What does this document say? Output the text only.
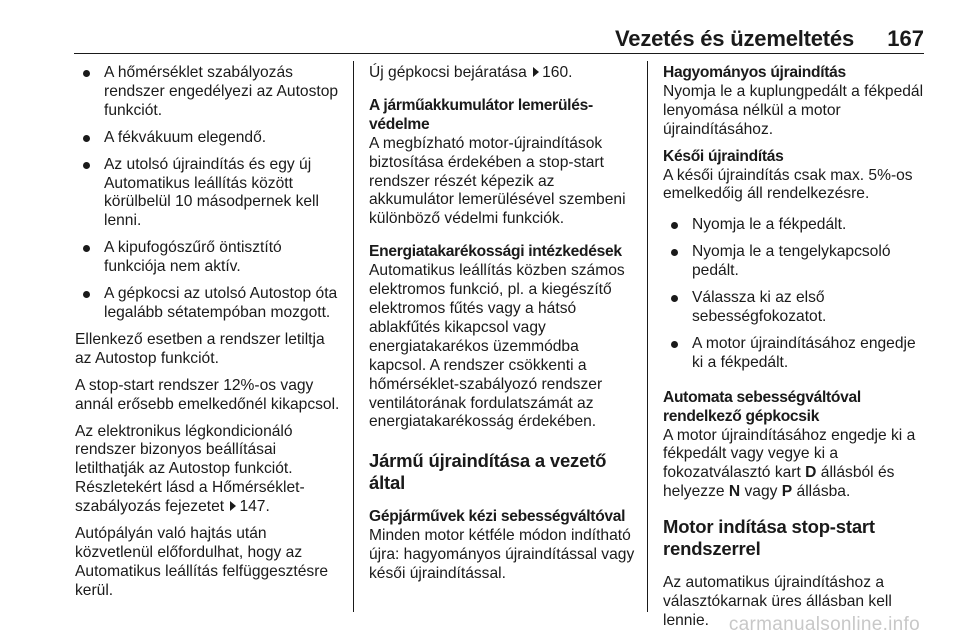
Vezetés és üzemeltetés 167
A hőmérséklet szabályozás rendszer engedélyezi az Autostop funkciót.
A fékvákuum elegendő.
Az utolsó újraindítás és egy új Automatikus leállítás között körülbelül 10 másodpernek kell lenni.
A kipufogószűrő öntisztító funkciója nem aktív.
A gépkocsi az utolsó Autostop óta legalább sétatempóban mozgott.

Ellenkező esetben a rendszer letiltja az Autostop funkciót.

A stop-start rendszer 12%-os vagy annál erősebb emelkedőnél kikapcsol.

Az elektronikus légkondicionáló rendszer bizonyos beállításai letilthatják az Autostop funkciót. Részletekért lásd a Hőmérséklet-szabályozás fejezetet 147.

Autópályán való hajtás után közvetlenül előfordulhat, hogy az Automatikus leállítás felfüggesztésre kerül.

Új gépkocsi bejáratása 160.

A járműakkumulátor lemerülés-védelme

A megbízható motor-újraindítások biztosítása érdekében a stop-start rendszer részét képezik az akkumulátor lemerülésével szembeni különböző védelmi funkciók.

Energiatakarékossági intézkedések

Automatikus leállítás közben számos elektromos funkció, pl. a kiegészítő elektromos fűtés vagy a hátsó ablakfűtés kikapcsol vagy energiatakarékos üzemmódba kapcsol. A rendszer csökkenti a hőmérséklet-szabályozó rendszer ventilátorának fordulatszámát az energiatakarékosság érdekében.

Jármű újraindítása a vezető által
Gépjárművek kézi sebességváltóval

Minden motor kétféle módon indítható újra: hagyományos újraindítással vagy késői újraindítással.

Hagyományos újraindítás

Nyomja le a kuplungpedált a fékpedál lenyomása nélkül a motor újraindításához.

Késői újraindítás

A késői újraindítás csak max. 5%-os emelkedőig áll rendelkezésre.

Nyomja le a fékpedált.
Nyomja le a tengelykapcsoló pedált.
Válassza ki az első sebességfokozatot.
A motor újraindításához engedje ki a fékpedált.
Automata sebességváltóval rendelkező gépkocsik

A motor újraindításához engedje ki a fékpedált vagy vegye ki a fokozatválasztó kart D állásból és helyezze N vagy P állásba.

Motor indítása stop-start rendszerrel

Az automatikus újraindításhoz a választókarnak üres állásban kell lennie.	carmanualsonline.info
